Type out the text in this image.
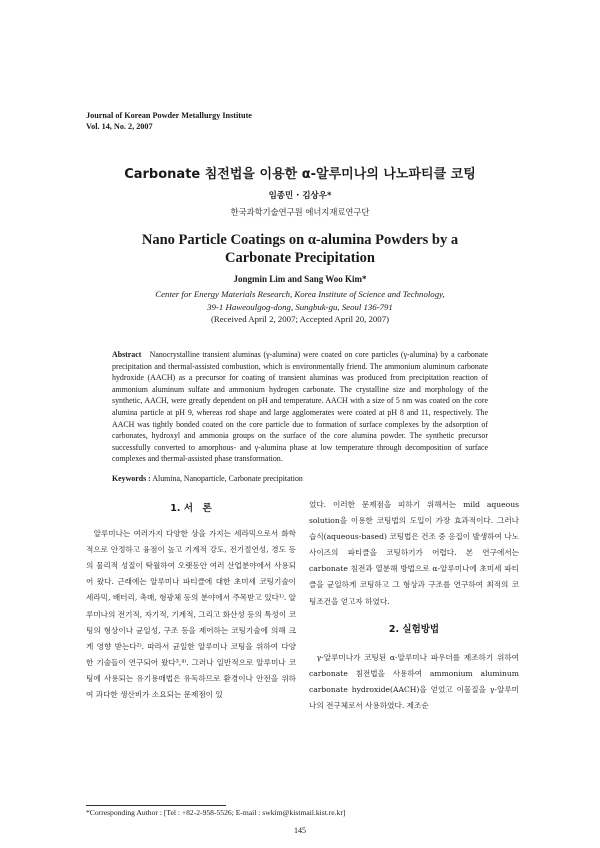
Journal of Korean Powder Metallurgy Institute
Vol. 14, No. 2, 2007
Carbonate 침전법을 이용한 α-알루미나의 나노파티클 코팅
임종민 · 김상우*
한국과학기술연구원 에너지재료연구단
Nano Particle Coatings on α-alumina Powders by a
Carbonate Precipitation
Jongmin Lim and Sang Woo Kim*
Center for Energy Materials Research, Korea Institute of Science and Technology,
39-1 Haweoulgog-dong, Sungbuk-gu, Seoul 136-791
(Received April 2, 2007; Accepted April 20, 2007)
Abstract Nanocrystalline transient aluminas (γ-alumina) were coated on core particles (γ-alumina) by a carbonate precipitation and thermal-assisted combustion, which is environmentally friend. The ammonium aluminum carbonate hydroxide (AACH) as a precursor for coating of transient aluminas was produced from precipitation reaction of ammonium aluminum sulfate and ammonium hydrogen carbonate. The crystalline size and morphology of the synthetic, AACH, were greatly dependent on pH and temperature. AACH with a size of 5 nm was coated on the core alumina particle at pH 9, whereas rod shape and large agglomerates were coated at pH 8 and 11, respectively. The AACH was tightly bonded coated on the core particle due to formation of surface complexes by the adsorption of carbonates, hydroxyl and ammonia groups on the surface of the core alumina powder. The synthetic precursor successfully converted to amorphous- and γ-alumina phase at low temperature through decomposition of surface complexes and thermal-assisted phase transformation.
Keywords : Alumina, Nanoparticle, Carbonate precipitation
1. 서　론

알루미나는 여러가지 다양한 상을 가지는 세라믹으로서 화학적으로 안정하고 융점이 높고 기계적 강도, 전기절연성, 경도 등의 물리적 성질이 탁월하여 오랫동안 여러 산업분야에서 사용되어 왔다. 근래에는 알루미나 파티클에 대한 초미세 코팅기술이 세라믹, 배터리, 촉매, 형광체 등의 분야에서 주목받고 있다¹⁾. 알루미나의 전기적, 자기적, 기계적, 그리고 화산성 등의 특성이 코팅의 형상이나 균일성, 구조 등을 제어하는 코팅기술에 의해 크게 영향 받는다²⁾. 따라서 균일한 알루미나 코팅을 위하여 다양한 기술들이 연구되어 왔다³,⁴⁾. 그러나 일반적으로 알루미나 코팅에 사용되는 유기용매법은 유독하므로 환경이나 안전을 위하여 과다한 생산비가 소요되는 문제점이 있

었다. 이러한 문제점을 피하기 위해서는 mild aqueous solution을 이용한 코팅법의 도입이 가장 효과적이다. 그러나 습식(aqueous-based) 코팅법은 건조 중 응집이 발생하여 나노사이즈의 파티클을 코팅하기가 어렵다. 본 연구에서는 carbonate 침전과 열분해 방법으로 α-알루미나에 초미세 파티클을 균일하게 코팅하고 그 형상과 구조를 연구하여 최적의 코팅조건을 얻고자 하였다.

2. 실험방법

γ-알루미나가 코팅된 α-알루미나 파우더를 제조하기 위하여 carbonate 침전법을 사용하여 ammonium aluminum carbonate hydroxide(AACH)을 얻었고 이물질을 γ-알루미나의 전구체로서 사용하였다. 제조순

*Corresponding Author : [Tel : +82-2-958-5526; E-mail : swkim@kistmail.kist.re.kr]
145
